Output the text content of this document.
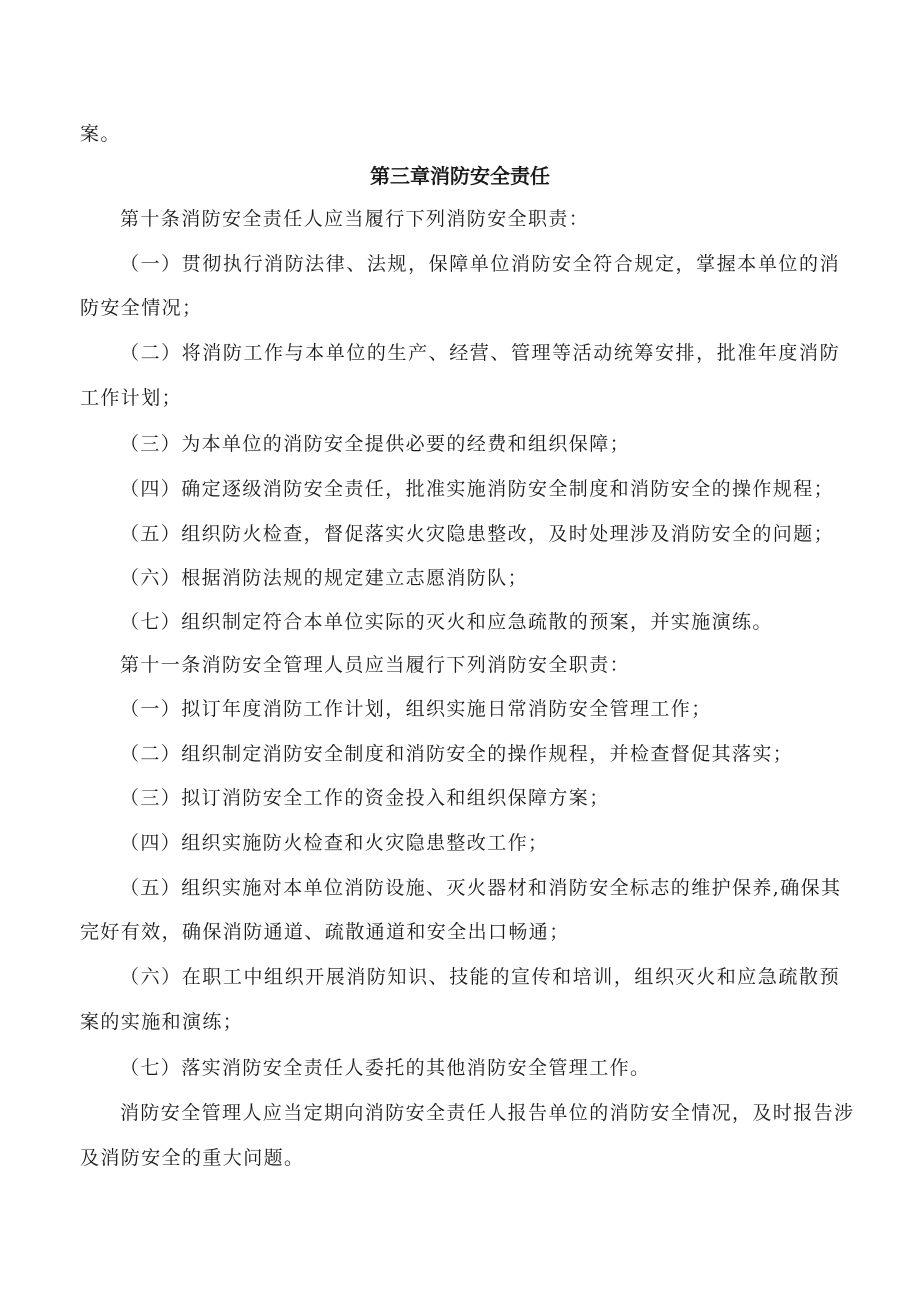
案。
第三章消防安全责任
第十条消防安全责任人应当履行下列消防安全职责：
（一）贯彻执行消防法律、法规，保障单位消防安全符合规定，掌握本单位的消
防安全情况；
（二）将消防工作与本单位的生产、经营、管理等活动统筹安排，批准年度消防
工作计划；
（三）为本单位的消防安全提供必要的经费和组织保障；
（四）确定逐级消防安全责任，批准实施消防安全制度和消防安全的操作规程；
（五）组织防火检查，督促落实火灾隐患整改，及时处理涉及消防安全的问题；
（六）根据消防法规的规定建立志愿消防队；
（七）组织制定符合本单位实际的灭火和应急疏散的预案，并实施演练。
第十一条消防安全管理人员应当履行下列消防安全职责：
（一）拟订年度消防工作计划，组织实施日常消防安全管理工作；
（二）组织制定消防安全制度和消防安全的操作规程，并检查督促其落实；
（三）拟订消防安全工作的资金投入和组织保障方案；
（四）组织实施防火检查和火灾隐患整改工作；
（五）组织实施对本单位消防设施、灭火器材和消防安全标志的维护保养,确保其
完好有效，确保消防通道、疏散通道和安全出口畅通；
（六）在职工中组织开展消防知识、技能的宣传和培训，组织灭火和应急疏散预
案的实施和演练；
（七）落实消防安全责任人委托的其他消防安全管理工作。
消防安全管理人应当定期向消防安全责任人报告单位的消防安全情况，及时报告涉
及消防安全的重大问题。
